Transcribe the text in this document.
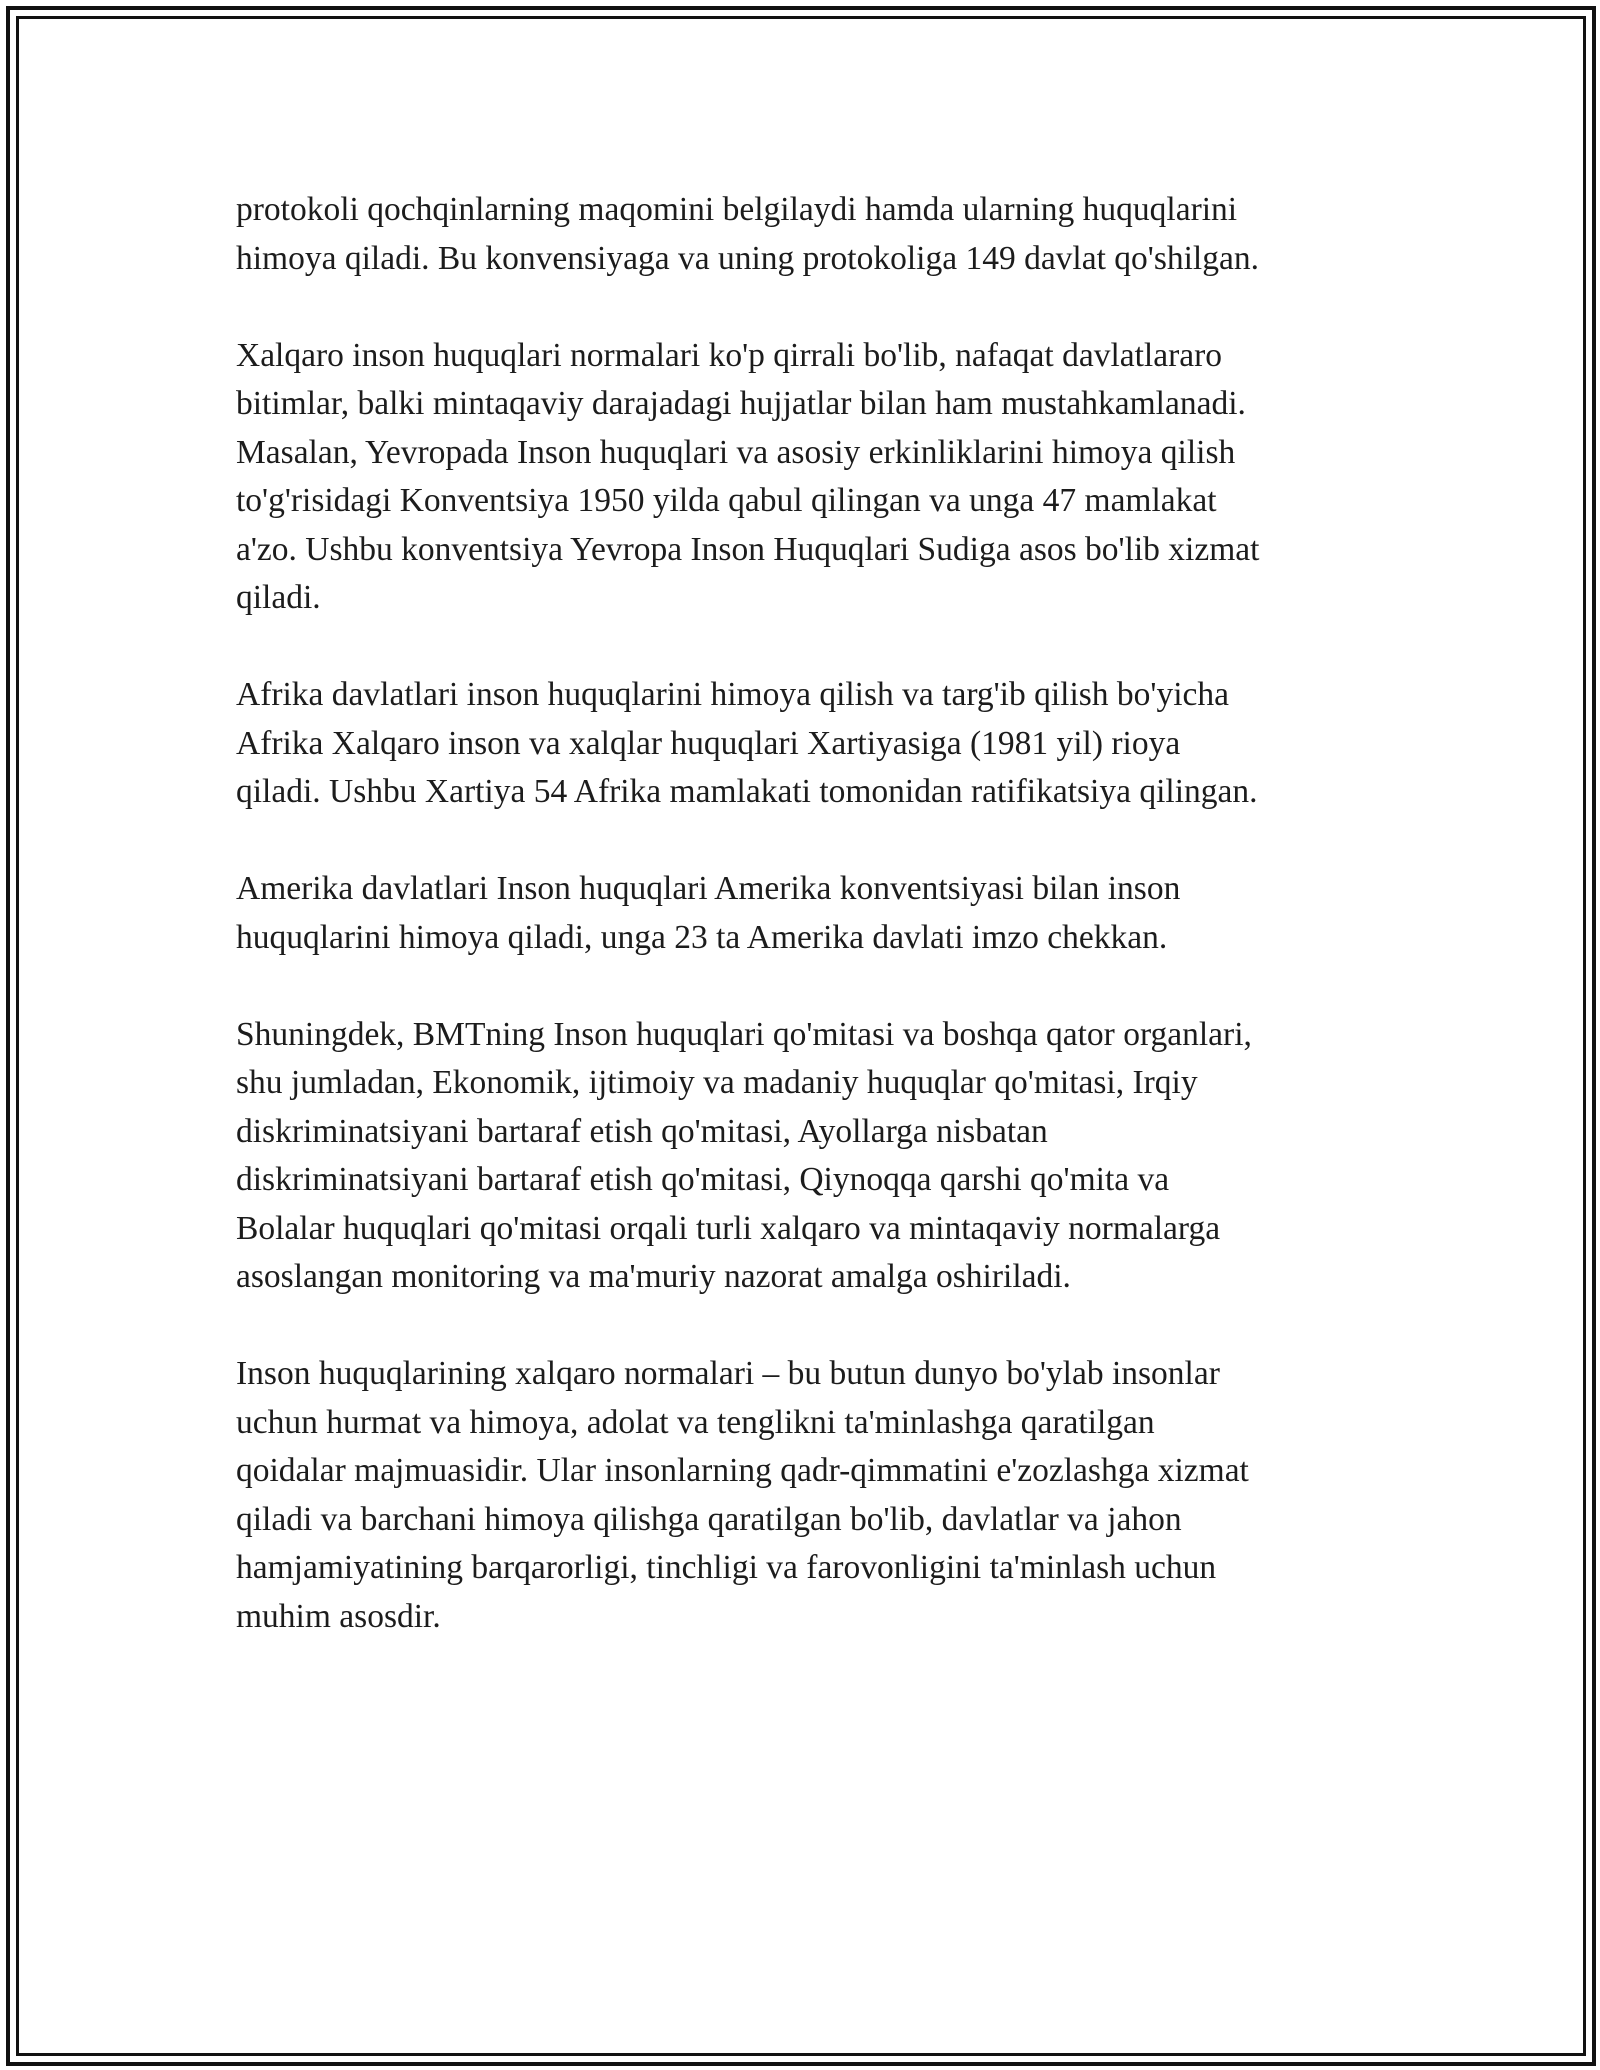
protokoli qochqinlarning maqomini belgilaydi hamda ularning huquqlarini
himoya qiladi. Bu konvensiyaga va uning protokoliga 149 davlat qo'shilgan.

Xalqaro inson huquqlari normalari ko'p qirrali bo'lib, nafaqat davlatlararo
bitimlar, balki mintaqaviy darajadagi hujjatlar bilan ham mustahkamlanadi.
Masalan, Yevropada Inson huquqlari va asosiy erkinliklarini himoya qilish
to'g'risidagi Konventsiya 1950 yilda qabul qilingan va unga 47 mamlakat
a'zo. Ushbu konventsiya Yevropa Inson Huquqlari Sudiga asos bo'lib xizmat
qiladi.

Afrika davlatlari inson huquqlarini himoya qilish va targ'ib qilish bo'yicha
Afrika Xalqaro inson va xalqlar huquqlari Xartiyasiga (1981 yil) rioya
qiladi. Ushbu Xartiya 54 Afrika mamlakati tomonidan ratifikatsiya qilingan.

Amerika davlatlari Inson huquqlari Amerika konventsiyasi bilan inson
huquqlarini himoya qiladi, unga 23 ta Amerika davlati imzo chekkan.

Shuningdek, BMTning Inson huquqlari qo'mitasi va boshqa qator organlari,
shu jumladan, Ekonomik, ijtimoiy va madaniy huquqlar qo'mitasi, Irqiy
diskriminatsiyani bartaraf etish qo'mitasi, Ayollarga nisbatan
diskriminatsiyani bartaraf etish qo'mitasi, Qiynoqqa qarshi qo'mita va
Bolalar huquqlari qo'mitasi orqali turli xalqaro va mintaqaviy normalarga
asoslangan monitoring va ma'muriy nazorat amalga oshiriladi.

Inson huquqlarining xalqaro normalari – bu butun dunyo bo'ylab insonlar
uchun hurmat va himoya, adolat va tenglikni ta'minlashga qaratilgan
qoidalar majmuasidir. Ular insonlarning qadr-qimmatini e'zozlashga xizmat
qiladi va barchani himoya qilishga qaratilgan bo'lib, davlatlar va jahon
hamjamiyatining barqarorligi, tinchligi va farovonligini ta'minlash uchun
muhim asosdir.
